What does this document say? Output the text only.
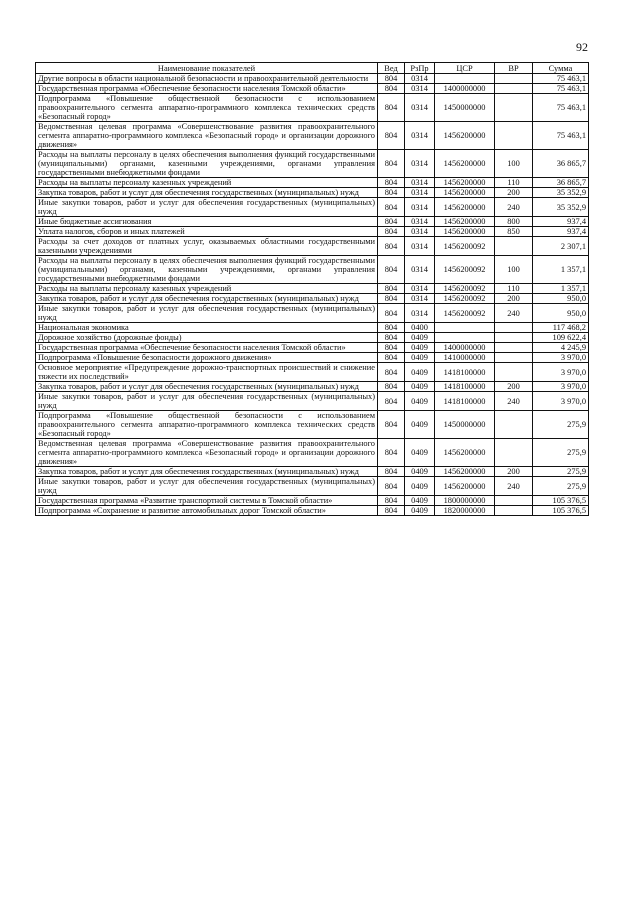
92
Наименование показателей	Вед	РзПр	ЦСР	ВР	Сумма
Другие вопросы в области национальной безопасности и правоохранительной деятельности	804	0314			75 463,1
Государственная программа «Обеспечение безопасности населения Томской области»	804	0314	1400000000		75 463,1
Подпрограмма «Повышение общественной безопасности с использованием правоохранительного сегмента аппаратно-программного комплекса технических средств «Безопасный город»	804	0314	1450000000		75 463,1
Ведомственная целевая программа «Совершенствование развития правоохранительного сегмента аппаратно-программного комплекса «Безопасный город» и организации дорожного движения»	804	0314	1456200000		75 463,1
Расходы на выплаты персоналу в целях обеспечения выполнения функций государственными (муниципальными) органами, казенными учреждениями, органами управления государственными внебюджетными фондами	804	0314	1456200000	100	36 865,7
Расходы на выплаты персоналу казенных учреждений	804	0314	1456200000	110	36 865,7
Закупка товаров, работ и услуг для обеспечения государственных (муниципальных) нужд	804	0314	1456200000	200	35 352,9
Иные закупки товаров, работ и услуг для обеспечения государственных (муниципальных) нужд	804	0314	1456200000	240	35 352,9
Иные бюджетные ассигнования	804	0314	1456200000	800	937,4
Уплата налогов, сборов и иных платежей	804	0314	1456200000	850	937,4
Расходы за счет доходов от платных услуг, оказываемых областными государственными казенными учреждениями	804	0314	1456200092		2 307,1
Расходы на выплаты персоналу в целях обеспечения выполнения функций государственными (муниципальными) органами, казенными учреждениями, органами управления государственными внебюджетными фондами	804	0314	1456200092	100	1 357,1
Расходы на выплаты персоналу казенных учреждений	804	0314	1456200092	110	1 357,1
Закупка товаров, работ и услуг для обеспечения государственных (муниципальных) нужд	804	0314	1456200092	200	950,0
Иные закупки товаров, работ и услуг для обеспечения государственных (муниципальных) нужд	804	0314	1456200092	240	950,0
Национальная экономика	804	0400			117 468,2
Дорожное хозяйство (дорожные фонды)	804	0409			109 622,4
Государственная программа «Обеспечение безопасности населения Томской области»	804	0409	1400000000		4 245,9
Подпрограмма «Повышение безопасности дорожного движения»	804	0409	1410000000		3 970,0
Основное мероприятие «Предупреждение дорожно-транспортных происшествий и снижение тяжести их последствий»	804	0409	1418100000		3 970,0
Закупка товаров, работ и услуг для обеспечения государственных (муниципальных) нужд	804	0409	1418100000	200	3 970,0
Иные закупки товаров, работ и услуг для обеспечения государственных (муниципальных) нужд	804	0409	1418100000	240	3 970,0
Подпрограмма «Повышение общественной безопасности с использованием правоохранительного сегмента аппаратно-программного комплекса технических средств «Безопасный город»	804	0409	1450000000		275,9
Ведомственная целевая программа «Совершенствование развития правоохранительного сегмента аппаратно-программного комплекса «Безопасный город» и организации дорожного движения»	804	0409	1456200000		275,9
Закупка товаров, работ и услуг для обеспечения государственных (муниципальных) нужд	804	0409	1456200000	200	275,9
Иные закупки товаров, работ и услуг для обеспечения государственных (муниципальных) нужд	804	0409	1456200000	240	275,9
Государственная программа «Развитие транспортной системы в Томской области»	804	0409	1800000000		105 376,5
Подпрограмма «Сохранение и развитие автомобильных дорог Томской области»	804	0409	1820000000		105 376,5
